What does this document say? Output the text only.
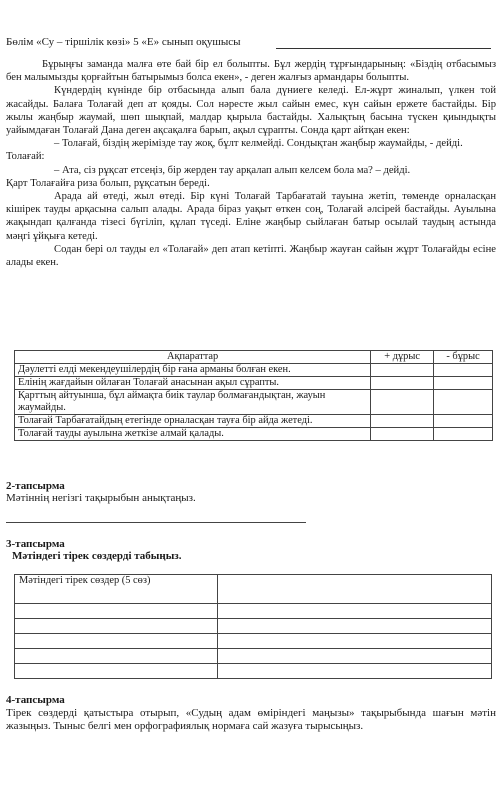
Бөлім «Су – тіршілік көзі» 5 «Е» сынып оқушысы

Бұрыңғы заманда малға өте бай бір ел болыпты. Бұл жердің тұрғындарының: «Біздің отбасымыз бен малымызды қорғайтын батырымыз болса екен», - деген жалғыз армандары болыпты.

Күндердің күнінде бір отбасында алып бала дүниеге келеді. Ел-жұрт жиналып, үлкен той жасайды. Балаға Толағай деп ат қояды. Сол нәресте жыл сайын емес, күн сайын ержете бастайды. Бір жылы жаңбыр жаумай, шөп шықпай, малдар қырыла бастайды. Халықтың басына түскен қиындықты уайымдаған Толағай Дана деген ақсақалға барып, ақыл сұрапты. Сонда қарт айтқан екен:

– Толағай, біздің жерімізде тау жоқ, бұлт келмейді. Сондықтан жаңбыр жаумайды, - дейді.

Толағай:

– Ата, сіз рұқсат етсеңіз, бір жерден тау арқалап алып келсем бола ма? – дейді.

Қарт Толағайға риза болып, рұқсатын береді.

Арада ай өтеді, жыл өтеді. Бір күні Толағай Тарбағатай тауына жетіп, төменде орналасқан кішірек тауды арқасына салып алады. Арада біраз уақыт өткен соң, Толағай әлсірей бастайды. Ауылына жақындап қалғанда тізесі бүгіліп, құлап түседі. Еліне жаңбыр сыйлаған батыр осылай таудың астында мәңгі ұйқыға кетеді.

Содан бері ол тауды ел «Толағай» деп атап кетіпті. Жаңбыр жауған сайын жұрт Толағайды есіне алады екен.

Ақпараттар	+ дұрыс	- бұрыс
Дәулетті елді мекендеушілердің бір ғана арманы болған екен.		
Елінің жағдайын ойлаған Толағай анасынан ақыл сұрапты.		
Қарттың айтуынша, бұл аймақта биік таулар болмағандықтан, жауын жаумайды.		
Толағай Тарбағатайдың етегінде орналасқан тауға бір айда жетеді.		
Толағай тауды ауылына жеткізе алмай қалады.		
2-тапсырма
Мәтіннің негізгі тақырыбын анықтаңыз.
3-тапсырма
Мәтіндегі тірек сөздерді табыңыз.
Мәтіндегі тірек сөздер (5 сөз)	

4-тапсырма
Тірек сөздерді қатыстыра отырып, «Судың адам өміріндегі маңызы» тақырыбында шағын мәтін жазыңыз. Тыныс белгі мен орфографиялық нормаға сай жазуға тырысыңыз.
